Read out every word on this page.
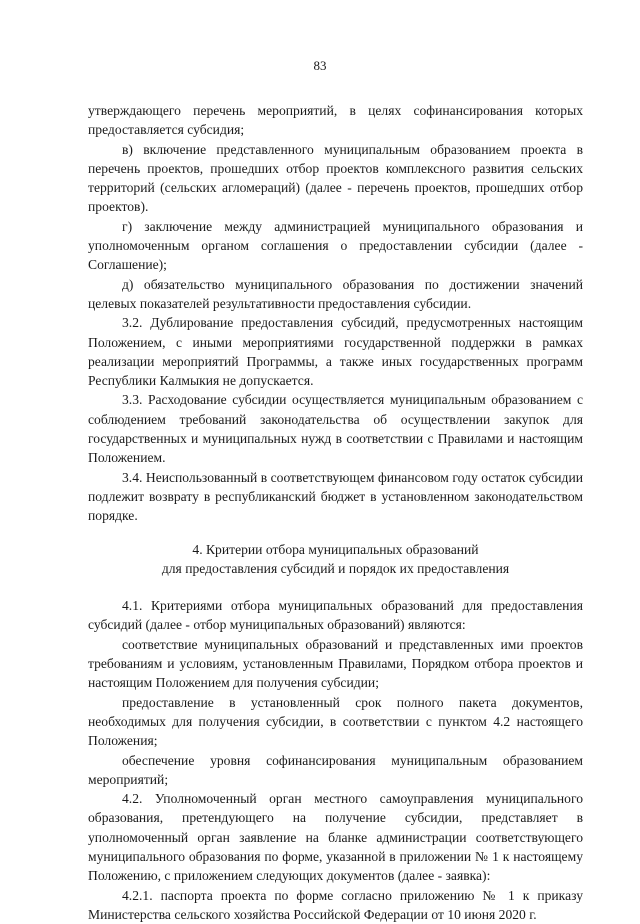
83

утверждающего перечень мероприятий, в целях софинансирования которых предоставляется субсидия;

в) включение представленного муниципальным образованием проекта в перечень проектов, прошедших отбор проектов комплексного развития сельских территорий (сельских агломераций) (далее - перечень проектов, прошедших отбор проектов).

г) заключение между администрацией муниципального образования и уполномоченным органом соглашения о предоставлении субсидии (далее - Соглашение);

д) обязательство муниципального образования по достижении значений целевых показателей результативности предоставления субсидии.

3.2. Дублирование предоставления субсидий, предусмотренных настоящим Положением, с иными мероприятиями государственной поддержки в рамках реализации мероприятий Программы, а также иных государственных программ Республики Калмыкия не допускается.

3.3. Расходование субсидии осуществляется муниципальным образованием с соблюдением требований законодательства об осуществлении закупок для государственных и муниципальных нужд в соответствии с Правилами и настоящим Положением.

3.4. Неиспользованный в соответствующем финансовом году остаток субсидии подлежит возврату в республиканский бюджет в установленном законодательством порядке.

4. Критерии отбора муниципальных образований
для предоставления субсидий и порядок их предоставления

4.1. Критериями отбора муниципальных образований для предоставления субсидий (далее - отбор муниципальных образований) являются:

соответствие муниципальных образований и представленных ими проектов требованиям и условиям, установленным Правилами, Порядком отбора проектов и настоящим Положением для получения субсидии;

предоставление в установленный срок полного пакета документов, необходимых для получения субсидии, в соответствии с пунктом 4.2 настоящего Положения;

обеспечение уровня софинансирования муниципальным образованием мероприятий;

4.2. Уполномоченный орган местного самоуправления муниципального образования, претендующего на получение субсидии, представляет в уполномоченный орган заявление на бланке администрации соответствующего муниципального образования по форме, указанной в приложении № 1 к настоящему Положению, с приложением следующих документов (далее - заявка):

4.2.1. паспорта проекта по форме согласно приложению № 1 к приказу Министерства сельского хозяйства Российской Федерации от 10 июня 2020 г.
